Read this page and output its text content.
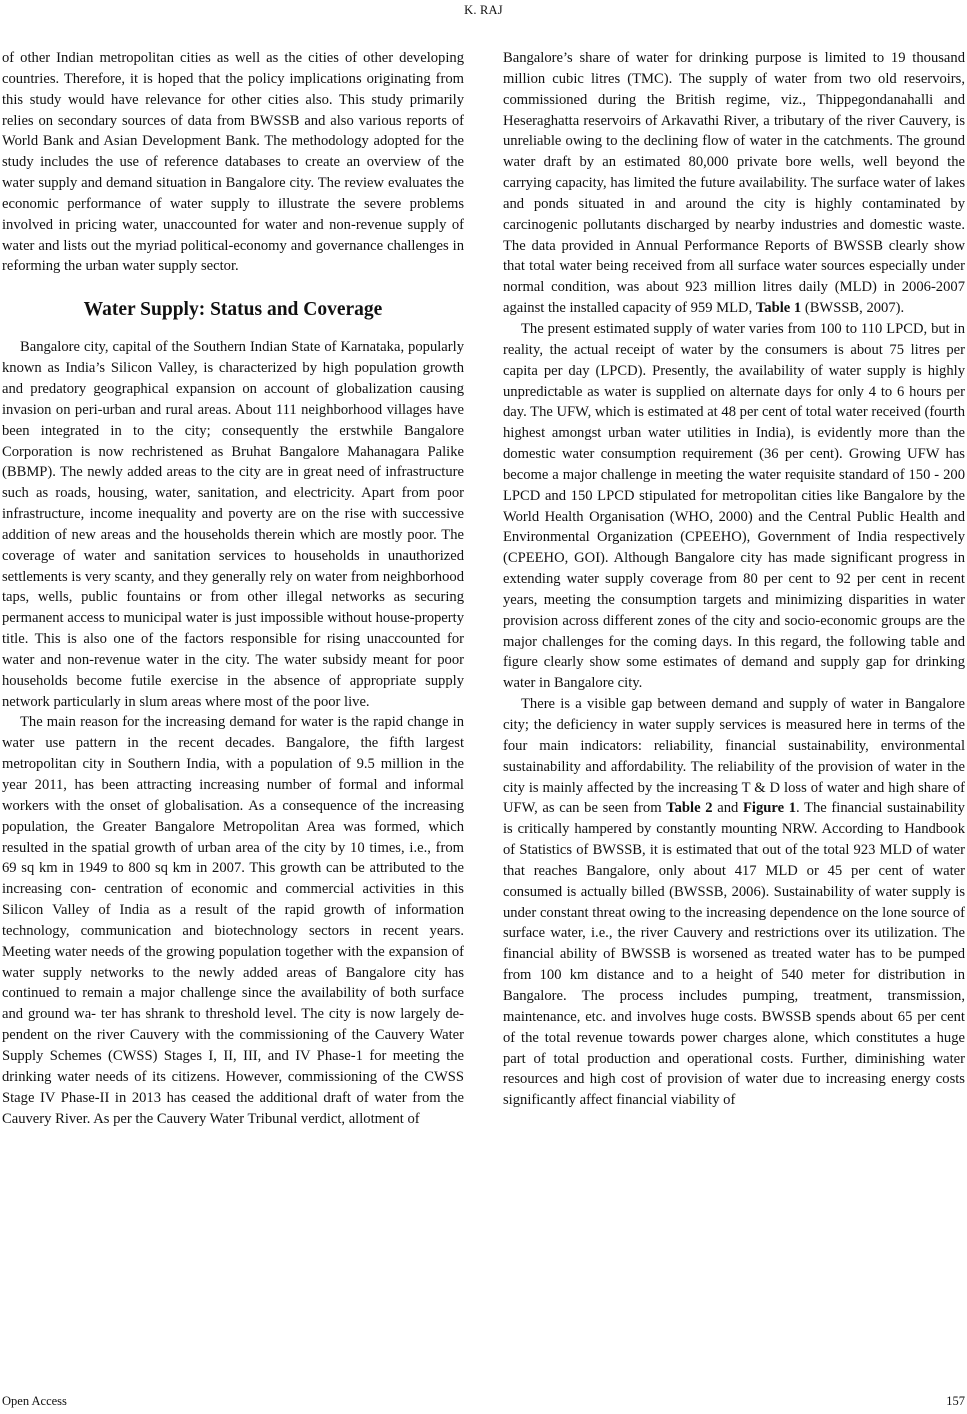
K. RAJ

of other Indian metropolitan cities as well as the cities of other developing countries. Therefore, it is hoped that the policy implications originating from this study would have relevance for other cities also. This study primarily relies on secondary sources of data from BWSSB and also various reports of World Bank and Asian Development Bank. The methodology adopted for the study includes the use of reference databases to create an overview of the water supply and demand situation in Bangalore city. The review evaluates the economic performance of water supply to illustrate the severe problems involved in pricing water, unaccounted for water and non-revenue supply of water and lists out the myriad political-economy and governance challenges in reforming the urban water supply sector.

Water Supply: Status and Coverage

Bangalore city, capital of the Southern Indian State of Karnataka, popularly known as India’s Silicon Valley, is characterized by high population growth and predatory geographical expansion on account of globalization causing invasion on peri-urban and rural areas. About 111 neighborhood villages have been integrated in to the city; consequently the erstwhile Bangalore Corporation is now rechristened as Bruhat Bangalore Mahanagara Palike (BBMP). The newly added areas to the city are in great need of infrastructure such as roads, housing, water, sanitation, and electricity. Apart from poor infrastructure, income inequality and poverty are on the rise with successive addition of new areas and the households therein which are mostly poor. The coverage of water and sanitation services to households in unauthorized settlements is very scanty, and they generally rely on water from neighborhood taps, wells, public fountains or from other illegal networks as securing permanent access to municipal water is just impossible without house-property title. This is also one of the factors responsible for rising unaccounted for water and non-revenue water in the city. The water subsidy meant for poor households become futile exercise in the absence of appropriate supply network particularly in slum areas where most of the poor live.

The main reason for the increasing demand for water is the rapid change in water use pattern in the recent decades. Bangalore, the fifth largest metropolitan city in Southern India, with a population of 9.5 million in the year 2011, has been attracting increasing number of formal and informal workers with the onset of globalisation. As a consequence of the increasing population, the Greater Bangalore Metropolitan Area was formed, which resulted in the spatial growth of urban area of the city by 10 times, i.e., from 69 sq km in 1949 to 800 sq km in 2007. This growth can be attributed to the increasing con- centration of economic and commercial activities in this Silicon Valley of India as a result of the rapid growth of information technology, communication and biotechnology sectors in recent years. Meeting water needs of the growing population together with the expansion of water supply networks to the newly added areas of Bangalore city has continued to remain a major challenge since the availability of both surface and ground wa- ter has shrank to threshold level. The city is now largely de- pendent on the river Cauvery with the commissioning of the Cauvery Water Supply Schemes (CWSS) Stages I, II, III, and IV Phase-1 for meeting the drinking water needs of its citizens. However, commissioning of the CWSS Stage IV Phase-II in 2013 has ceased the additional draft of water from the Cauvery River. As per the Cauvery Water Tribunal verdict, allotment of

Bangalore’s share of water for drinking purpose is limited to 19 thousand million cubic litres (TMC). The supply of water from two old reservoirs, commissioned during the British regime, viz., Thippegondanahalli and Heseraghatta reservoirs of Arkavathi River, a tributary of the river Cauvery, is unreliable owing to the declining flow of water in the catchments. The ground water draft by an estimated 80,000 private bore wells, well beyond the carrying capacity, has limited the future availability. The surface water of lakes and ponds situated in and around the city is highly contaminated by carcinogenic pollutants discharged by nearby industries and domestic waste. The data provided in Annual Performance Reports of BWSSB clearly show that total water being received from all surface water sources especially under normal condition, was about 923 million litres daily (MLD) in 2006-2007 against the installed capacity of 959 MLD, Table 1 (BWSSB, 2007).

The present estimated supply of water varies from 100 to 110 LPCD, but in reality, the actual receipt of water by the consumers is about 75 litres per capita per day (LPCD). Presently, the availability of water supply is highly unpredictable as water is supplied on alternate days for only 4 to 6 hours per day. The UFW, which is estimated at 48 per cent of total water received (fourth highest amongst urban water utilities in India), is evidently more than the domestic water consumption requirement (36 per cent). Growing UFW has become a major challenge in meeting the water requisite standard of 150 - 200 LPCD and 150 LPCD stipulated for metropolitan cities like Bangalore by the World Health Organisation (WHO, 2000) and the Central Public Health and Environmental Organization (CPEEHO), Government of India respectively (CPEEHO, GOI). Although Bangalore city has made significant progress in extending water supply coverage from 80 per cent to 92 per cent in recent years, meeting the consumption targets and minimizing disparities in water provision across different zones of the city and socio-economic groups are the major challenges for the coming days. In this regard, the following table and figure clearly show some estimates of demand and supply gap for drinking water in Bangalore city.

There is a visible gap between demand and supply of water in Bangalore city; the deficiency in water supply services is measured here in terms of the four main indicators: reliability, financial sustainability, environmental sustainability and affordability. The reliability of the provision of water in the city is mainly affected by the increasing T & D loss of water and high share of UFW, as can be seen from Table 2 and Figure 1. The financial sustainability is critically hampered by constantly mounting NRW. According to Handbook of Statistics of BWSSB, it is estimated that out of the total 923 MLD of water that reaches Bangalore, only about 417 MLD or 45 per cent of water consumed is actually billed (BWSSB, 2006). Sustainability of water supply is under constant threat owing to the increasing dependence on the lone source of surface water, i.e., the river Cauvery and restrictions over its utilization. The financial ability of BWSSB is worsened as treated water has to be pumped from 100 km distance and to a height of 540 meter for distribution in Bangalore. The process includes pumping, treatment, transmission, maintenance, etc. and involves huge costs. BWSSB spends about 65 per cent of the total revenue towards power charges alone, which constitutes a huge part of total production and operational costs. Further, diminishing water resources and high cost of provision of water due to increasing energy costs significantly affect financial viability of

Open Access	157
